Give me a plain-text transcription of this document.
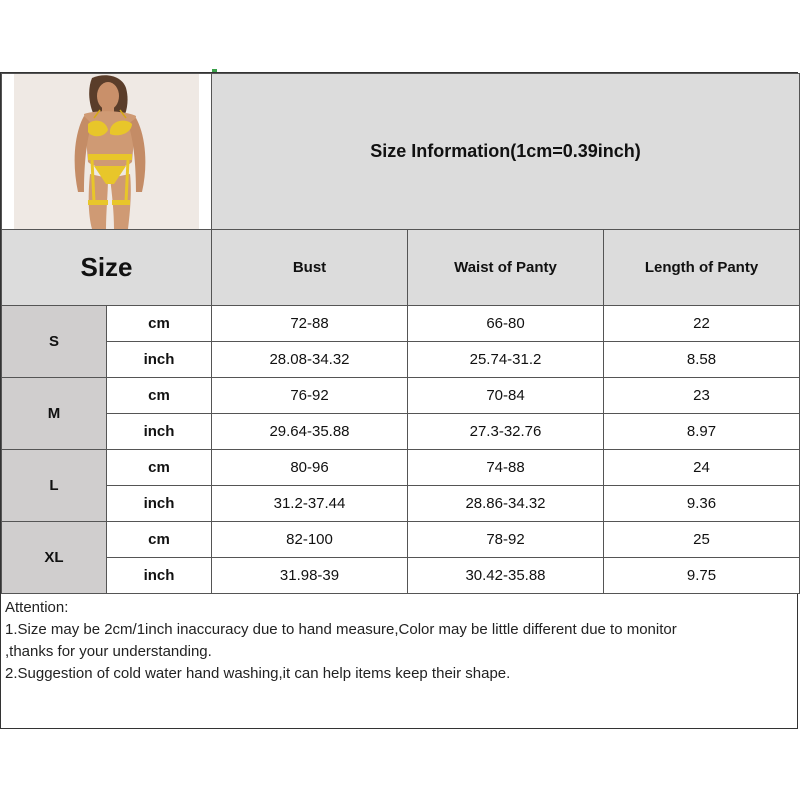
	Size Information(1cm=0.39inch)		
Size		Bust	Waist of Panty	Length of Panty
S	cm	72-88	66-80	22
	inch	28.08-34.32	25.74-31.2	8.58
M	cm	76-92	70-84	23
	inch	29.64-35.88	27.3-32.76	8.97
L	cm	80-96	74-88	24
	inch	31.2-37.44	28.86-34.32	9.36
XL	cm	82-100	78-92	25
	inch	31.98-39	30.42-35.88	9.75
Attention:
1.Size may be 2cm/1inch inaccuracy due to hand measure,Color may be little different due to monitor
,thanks for your understanding.
2.Suggestion of cold water hand washing,it can help items keep their shape.
